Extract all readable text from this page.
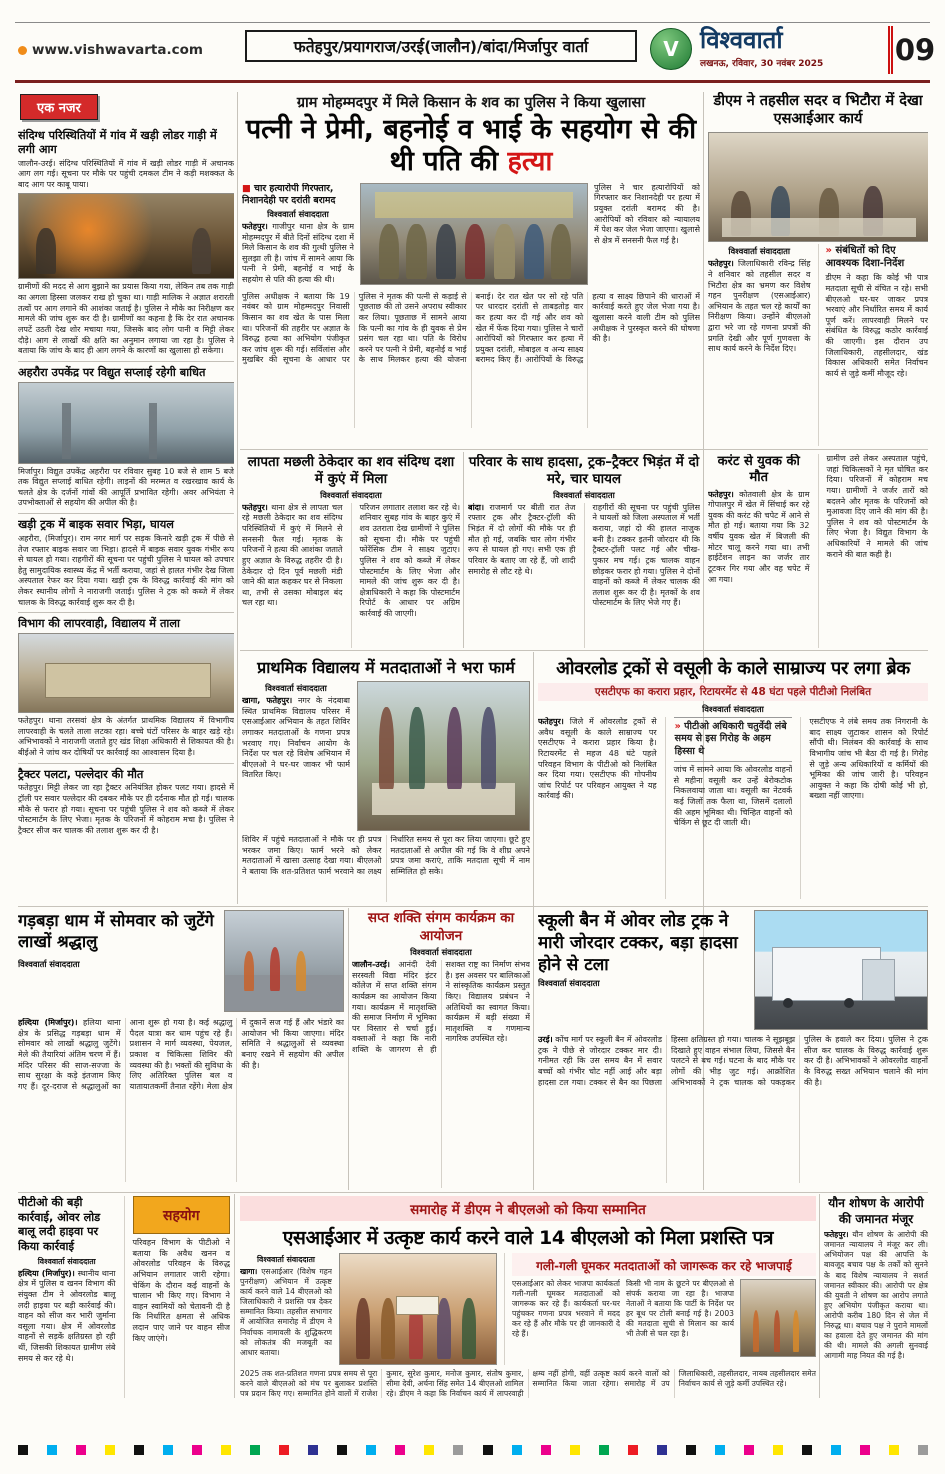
www.vishwavarta.com	फतेहपुर/प्रयागराज/उरई(जालौन)/बांदा/मिर्जापुर वार्ता	V विश्ववार्ता
लखनऊ, रविवार, 30 नवंबर 2025 09
एक नजर
संदिग्ध परिस्थितियों में गांव में खड़ी लोडर गाड़ी में लगी आग

जालौन-उरई। संदिग्ध परिस्थितियों में गांव में खड़ी लोडर गाड़ी में अचानक आग लग गई। सूचना पर मौके पर पहुंची दमकल टीम ने कड़ी मशक्कत के बाद आग पर काबू पाया।

ग्रामीणों की मदद से आग बुझाने का प्रयास किया गया, लेकिन तब तक गाड़ी का अगला हिस्सा जलकर राख हो चुका था। गाड़ी मालिक ने अज्ञात शरारती तत्वों पर आग लगाने की आशंका जताई है। पुलिस ने मौके का निरीक्षण कर मामले की जांच शुरू कर दी है। ग्रामीणों का कहना है कि देर रात अचानक लपटें उठती देख शोर मचाया गया, जिसके बाद लोग पानी व मिट्टी लेकर दौड़े। आग से लाखों की क्षति का अनुमान लगाया जा रहा है। पुलिस ने बताया कि जांच के बाद ही आग लगने के कारणों का खुलासा हो सकेगा।

अहरौरा उपकेंद्र पर विद्युत सप्लाई रहेगी बाधित

मिर्जापुर। विद्युत उपकेंद्र अहरौरा पर रविवार सुबह 10 बजे से शाम 5 बजे तक विद्युत सप्लाई बाधित रहेगी। लाइनों की मरम्मत व रखरखाव कार्य के चलते क्षेत्र के दर्जनों गांवों की आपूर्ति प्रभावित रहेगी। अवर अभियंता ने उपभोक्ताओं से सहयोग की अपील की है।

खड़ी ट्रक में बाइक सवार भिड़ा, घायल

अहरौरा, (मिर्जापुर)। राम नगर मार्ग पर सड़क किनारे खड़ी ट्रक में पीछे से तेज रफ्तार बाइक सवार जा भिड़ा। हादसे में बाइक सवार युवक गंभीर रूप से घायल हो गया। राहगीरों की सूचना पर पहुंची पुलिस ने घायल को उपचार हेतु सामुदायिक स्वास्थ्य केंद्र में भर्ती कराया, जहां से हालत गंभीर देख जिला अस्पताल रेफर कर दिया गया। खड़ी ट्रक के विरुद्ध कार्रवाई की मांग को लेकर स्थानीय लोगों ने नाराजगी जताई। पुलिस ने ट्रक को कब्जे में लेकर चालक के विरुद्ध कार्रवाई शुरू कर दी है।

विभाग की लापरवाही, विद्यालय में ताला

फतेहपुर। थाना तरसवां क्षेत्र के अंतर्गत प्राथमिक विद्यालय में विभागीय लापरवाही के चलते ताला लटका रहा। बच्चे घंटों परिसर के बाहर खड़े रहे। अभिभावकों ने नाराजगी जताते हुए खंड शिक्षा अधिकारी से शिकायत की है। बीईओ ने जांच कर दोषियों पर कार्रवाई का आश्वासन दिया है।

ट्रैक्टर पलटा, पल्लेदार की मौत

फतेहपुर। मिट्टी लेकर जा रहा ट्रैक्टर अनियंत्रित होकर पलट गया। हादसे में ट्रॉली पर सवार पल्लेदार की दबकर मौके पर ही दर्दनाक मौत हो गई। चालक मौके से फरार हो गया। सूचना पर पहुंची पुलिस ने शव को कब्जे में लेकर पोस्टमार्टम के लिए भेजा। मृतक के परिजनों में कोहराम मचा है। पुलिस ने ट्रैक्टर सीज कर चालक की तलाश शुरू कर दी है।

ग्राम मोहम्मदपुर में मिले किसान के शव का पुलिस ने किया खुलासा
पत्नी ने प्रेमी, बहनोई व भाई के सहयोग से की थी पति की हत्या
■ चार हत्यारोपी गिरफ्तार, निशानदेही पर दरांती बरामद
विश्ववार्ता संवाददाता

फतेहपुर। गाजीपुर थाना क्षेत्र के ग्राम मोहम्मदपुर में बीते दिनों संदिग्ध दशा में मिले किसान के शव की गुत्थी पुलिस ने सुलझा ली है। जांच में सामने आया कि पत्नी ने प्रेमी, बहनोई व भाई के सहयोग से पति की हत्या की थी।

पुलिस ने चार हत्यारोपियों को गिरफ्तार कर निशानदेही पर हत्या में प्रयुक्त दरांती बरामद की है। आरोपियों को रविवार को न्यायालय में पेश कर जेल भेजा जाएगा। खुलासे से क्षेत्र में सनसनी फैल गई है।

पुलिस अधीक्षक ने बताया कि 19 नवंबर को ग्राम मोहम्मदपुर निवासी किसान का शव खेत के पास मिला था। परिजनों की तहरीर पर अज्ञात के विरुद्ध हत्या का अभियोग पंजीकृत कर जांच शुरू की गई। सर्विलांस और मुखबिर की सूचना के आधार पर पुलिस ने मृतक की पत्नी से कड़ाई से पूछताछ की तो उसने अपराध स्वीकार कर लिया। पूछताछ में सामने आया कि पत्नी का गांव के ही युवक से प्रेम प्रसंग चल रहा था। पति के विरोध करने पर पत्नी ने प्रेमी, बहनोई व भाई के साथ मिलकर हत्या की योजना बनाई। देर रात खेत पर सो रहे पति पर धारदार दरांती से ताबड़तोड़ वार कर हत्या कर दी गई और शव को खेत में फेंक दिया गया। पुलिस ने चारों आरोपियों को गिरफ्तार कर हत्या में प्रयुक्त दरांती, मोबाइल व अन्य साक्ष्य बरामद किए हैं। आरोपियों के विरुद्ध हत्या व साक्ष्य छिपाने की धाराओं में कार्रवाई करते हुए जेल भेजा गया है। खुलासा करने वाली टीम को पुलिस अधीक्षक ने पुरस्कृत करने की घोषणा की है।

डीएम ने तहसील सदर व भिटौरा में देखा एसआईआर कार्य
विश्ववार्ता संवाददाता

फतेहपुर। जिलाधिकारी रविन्द्र सिंह ने शनिवार को तहसील सदर व भिटौरा क्षेत्र का भ्रमण कर विशेष गहन पुनरीक्षण (एसआईआर) अभियान के तहत चल रहे कार्यों का निरीक्षण किया। उन्होंने बीएलओ द्वारा भरे जा रहे गणना प्रपत्रों की प्रगति देखी और पूर्ण गुणवत्ता के साथ कार्य करने के निर्देश दिए।

» संबंधितों को दिए आवश्यक दिशा-निर्देश

डीएम ने कहा कि कोई भी पात्र मतदाता सूची से वंचित न रहे। सभी बीएलओ घर-घर जाकर प्रपत्र भरवाएं और निर्धारित समय में कार्य पूर्ण करें। लापरवाही मिलने पर संबंधित के विरुद्ध कठोर कार्रवाई की जाएगी। इस दौरान उप जिलाधिकारी, तहसीलदार, खंड विकास अधिकारी समेत निर्वाचन कार्य से जुड़े कर्मी मौजूद रहे।

लापता मछली ठेकेदार का शव संदिग्ध दशा में कुएं में मिला
विश्ववार्ता संवाददाता

फतेहपुर। थाना क्षेत्र से लापता चल रहे मछली ठेकेदार का शव संदिग्ध परिस्थितियों में कुएं में मिलने से सनसनी फैल गई। मृतक के परिजनों ने हत्या की आशंका जताते हुए अज्ञात के विरुद्ध तहरीर दी है। ठेकेदार दो दिन पूर्व मछली मंडी जाने की बात कहकर घर से निकला था, तभी से उसका मोबाइल बंद चल रहा था।

परिजन लगातार तलाश कर रहे थे। शनिवार सुबह गांव के बाहर कुएं में शव उतराता देख ग्रामीणों ने पुलिस को सूचना दी। मौके पर पहुंची फोरेंसिक टीम ने साक्ष्य जुटाए। पुलिस ने शव को कब्जे में लेकर पोस्टमार्टम के लिए भेजा और मामले की जांच शुरू कर दी है। क्षेत्राधिकारी ने कहा कि पोस्टमार्टम रिपोर्ट के आधार पर अग्रिम कार्रवाई की जाएगी।

परिवार के साथ हादसा, ट्रक–ट्रैक्टर भिड़ंत में दो मरे, चार घायल
विश्ववार्ता संवाददाता

बांदा। राजमार्ग पर बीती रात तेज रफ्तार ट्रक और ट्रैक्टर-ट्रॉली की भिड़ंत में दो लोगों की मौके पर ही मौत हो गई, जबकि चार लोग गंभीर रूप से घायल हो गए। सभी एक ही परिवार के बताए जा रहे हैं, जो शादी समारोह से लौट रहे थे।

राहगीरों की सूचना पर पहुंची पुलिस ने घायलों को जिला अस्पताल में भर्ती कराया, जहां दो की हालत नाजुक बनी है। टक्कर इतनी जोरदार थी कि ट्रैक्टर-ट्रॉली पलट गई और चीख-पुकार मच गई। ट्रक चालक वाहन छोड़कर फरार हो गया। पुलिस ने दोनों वाहनों को कब्जे में लेकर चालक की तलाश शुरू कर दी है। मृतकों के शव पोस्टमार्टम के लिए भेजे गए हैं।

करंट से युवक की मौत

फतेहपुर। कोतवाली क्षेत्र के ग्राम गोपालपुर में खेत में सिंचाई कर रहे युवक की करंट की चपेट में आने से मौत हो गई। बताया गया कि 32 वर्षीय युवक खेत में बिजली की मोटर चालू करने गया था। तभी हाईटेंशन लाइन का जर्जर तार टूटकर गिर गया और वह चपेट में आ गया।

ग्रामीण उसे लेकर अस्पताल पहुंचे, जहां चिकित्सकों ने मृत घोषित कर दिया। परिजनों में कोहराम मच गया। ग्रामीणों ने जर्जर तारों को बदलने और मृतक के परिजनों को मुआवजा दिए जाने की मांग की है। पुलिस ने शव को पोस्टमार्टम के लिए भेजा है। विद्युत विभाग के अधिकारियों ने मामले की जांच कराने की बात कही है।

प्राथमिक विद्यालय में मतदाताओं ने भरा फार्म
विश्ववार्ता संवाददाता

खागा, फतेहपुर। नगर के नंदबाबा स्थित प्राथमिक विद्यालय परिसर में एसआईआर अभियान के तहत शिविर लगाकर मतदाताओं के गणना प्रपत्र भरवाए गए। निर्वाचन आयोग के निर्देश पर चल रहे विशेष अभियान में बीएलओ ने घर-घर जाकर भी फार्म वितरित किए।

शिविर में पहुंचे मतदाताओं ने मौके पर ही प्रपत्र भरकर जमा किए। फार्म भरने को लेकर मतदाताओं में खासा उत्साह देखा गया। बीएलओ ने बताया कि शत-प्रतिशत फार्म भरवाने का लक्ष्य निर्धारित समय से पूरा कर लिया जाएगा। छूटे हुए मतदाताओं से अपील की गई कि वे शीघ्र अपने प्रपत्र जमा कराएं, ताकि मतदाता सूची में नाम सम्मिलित हो सके।

ओवरलोड ट्रकों से वसूली के काले साम्राज्य पर लगा ब्रेक
एसटीएफ का करारा प्रहार, रिटायरमेंट से 48 घंटा पहले पीटीओ निलंबित
विश्ववार्ता संवाददाता

फतेहपुर। जिले में ओवरलोड ट्रकों से अवैध वसूली के काले साम्राज्य पर एसटीएफ ने करारा प्रहार किया है। रिटायरमेंट से महज 48 घंटे पहले परिवहन विभाग के पीटीओ को निलंबित कर दिया गया। एसटीएफ की गोपनीय जांच रिपोर्ट पर परिवहन आयुक्त ने यह कार्रवाई की।

» पीटीओ अधिकारी चतुर्वेदी लंबे समय से इस गिरोह के अहम हिस्सा थे

जांच में सामने आया कि ओवरलोड वाहनों से महीना वसूली कर उन्हें बेरोकटोक निकलवाया जाता था। वसूली का नेटवर्क कई जिलों तक फैला था, जिसमें दलालों की अहम भूमिका थी। चिन्हित वाहनों को चेकिंग से छूट दी जाती थी।

एसटीएफ ने लंबे समय तक निगरानी के बाद साक्ष्य जुटाकर शासन को रिपोर्ट सौंपी थी। निलंबन की कार्रवाई के साथ विभागीय जांच भी बैठा दी गई है। गिरोह से जुड़े अन्य अधिकारियों व कर्मियों की भूमिका की जांच जारी है। परिवहन आयुक्त ने कहा कि दोषी कोई भी हो, बख्शा नहीं जाएगा।

गड़बड़ा धाम में सोमवार को जुटेंगे लाखों श्रद्धालु
विश्ववार्ता संवाददाता

हल्दिया (मिर्जापुर)। हलिया थाना क्षेत्र के प्रसिद्ध गड़बड़ा धाम में सोमवार को लाखों श्रद्धालु जुटेंगे। मेले की तैयारियां अंतिम चरण में हैं। मंदिर परिसर की साज-सज्जा के साथ सुरक्षा के कड़े इंतजाम किए गए हैं। दूर-दराज से श्रद्धालुओं का आना शुरू हो गया है। कई श्रद्धालु पैदल यात्रा कर धाम पहुंच रहे हैं। प्रशासन ने मार्ग व्यवस्था, पेयजल, प्रकाश व चिकित्सा शिविर की व्यवस्था की है। भक्तों की सुविधा के लिए अतिरिक्त पुलिस बल व यातायातकर्मी तैनात रहेंगे। मेला क्षेत्र में दुकानें सज गई हैं और भंडारे का आयोजन भी किया जाएगा। मंदिर समिति ने श्रद्धालुओं से व्यवस्था बनाए रखने में सहयोग की अपील की है।

सप्त शक्ति संगम कार्यक्रम का आयोजन
विश्ववार्ता संवाददाता

जालौन-उरई। आनंदी देवी सरस्वती विद्या मंदिर इंटर कॉलेज में सप्त शक्ति संगम कार्यक्रम का आयोजन किया गया। कार्यक्रम में मातृशक्ति की समाज निर्माण में भूमिका पर विस्तार से चर्चा हुई। वक्ताओं ने कहा कि नारी शक्ति के जागरण से ही सशक्त राष्ट्र का निर्माण संभव है। इस अवसर पर बालिकाओं ने सांस्कृतिक कार्यक्रम प्रस्तुत किए। विद्यालय प्रबंधन ने अतिथियों का स्वागत किया। कार्यक्रम में बड़ी संख्या में मातृशक्ति व गणमान्य नागरिक उपस्थित रहे।

स्कूली बैन में ओवर लोड ट्रक ने मारी जोरदार टक्कर, बड़ा हादसा होने से टला
विश्ववार्ता संवाददाता

उरई। कोंच मार्ग पर स्कूली बैन में ओवरलोड ट्रक ने पीछे से जोरदार टक्कर मार दी। गनीमत रही कि उस समय बैन में सवार बच्चों को गंभीर चोट नहीं आई और बड़ा हादसा टल गया। टक्कर से बैन का पिछला हिस्सा क्षतिग्रस्त हो गया। चालक ने सूझबूझ दिखाते हुए वाहन संभाल लिया, जिससे बैन पलटने से बच गई। घटना के बाद मौके पर लोगों की भीड़ जुट गई। आक्रोशित अभिभावकों ने ट्रक चालक को पकड़कर पुलिस के हवाले कर दिया। पुलिस ने ट्रक सीज कर चालक के विरुद्ध कार्रवाई शुरू कर दी है। अभिभावकों ने ओवरलोड वाहनों के विरुद्ध सख्त अभियान चलाने की मांग की है।

पीटीओ की बड़ी कार्रवाई, ओवर लोड बालू लदी हाइवा पर किया कार्रवाई
विश्ववार्ता संवाददाता

हल्दिया (मिर्जापुर)। स्थानीय थाना क्षेत्र में पुलिस व खनन विभाग की संयुक्त टीम ने ओवरलोड बालू लदी हाइवा पर बड़ी कार्रवाई की। वाहन को सीज कर भारी जुर्माना वसूला गया। क्षेत्र में ओवरलोड वाहनों से सड़कें क्षतिग्रस्त हो रही थीं, जिसकी शिकायत ग्रामीण लंबे समय से कर रहे थे।

सहयोग

परिवहन विभाग के पीटीओ ने बताया कि अवैध खनन व ओवरलोड परिवहन के विरुद्ध अभियान लगातार जारी रहेगा। चेकिंग के दौरान कई वाहनों के चालान भी किए गए। विभाग ने वाहन स्वामियों को चेतावनी दी है कि निर्धारित क्षमता से अधिक लदान पाए जाने पर वाहन सीज किए जाएंगे।

समारोह में डीएम ने बीएलओ को किया सम्मानित
एसआईआर में उत्कृष्ट कार्य करने वाले 14 बीएलओ को मिला प्रशस्ति पत्र
विश्ववार्ता संवाददाता

खागा। एसआईआर (विशेष गहन पुनरीक्षण) अभियान में उत्कृष्ट कार्य करने वाले 14 बीएलओ को जिलाधिकारी ने प्रशस्ति पत्र देकर सम्मानित किया। तहसील सभागार में आयोजित समारोह में डीएम ने निर्वाचक नामावली के शुद्धिकरण को लोकतंत्र की मजबूती का आधार बताया।

गली-गली घूमकर मतदाताओं को जागरूक कर रहे भाजपाई

एसआईआर को लेकर भाजपा कार्यकर्ता गली-गली घूमकर मतदाताओं को जागरूक कर रहे हैं। कार्यकर्ता घर-घर पहुंचकर गणना प्रपत्र भरवाने में मदद कर रहे हैं और मौके पर ही जानकारी दे रहे हैं।

किसी भी नाम के छूटने पर बीएलओ से संपर्क कराया जा रहा है। भाजपा नेताओं ने बताया कि पार्टी के निर्देश पर हर बूथ पर टोली बनाई गई है। 2003 की मतदाता सूची से मिलान का कार्य भी तेजी से चल रहा है।

2025 तक शत-प्रतिशत गणना प्रपत्र समय से पूरा करने वाले बीएलओ को मंच पर बुलाकर प्रशस्ति पत्र प्रदान किए गए। सम्मानित होने वालों में राजेश कुमार, सुरेश कुमार, मनोज कुमार, संतोष कुमार, सीमा देवी, अर्चना सिंह समेत 14 बीएलओ शामिल रहे। डीएम ने कहा कि निर्वाचन कार्य में लापरवाही क्षम्य नहीं होगी, वहीं उत्कृष्ट कार्य करने वालों को सम्मानित किया जाता रहेगा। समारोह में उप जिलाधिकारी, तहसीलदार, नायब तहसीलदार समेत निर्वाचन कार्य से जुड़े कर्मी उपस्थित रहे।

यौन शोषण के आरोपी की जमानत मंजूर

फतेहपुर। यौन शोषण के आरोपी की जमानत न्यायालय ने मंजूर कर ली। अभियोजन पक्ष की आपत्ति के बावजूद बचाव पक्ष के तर्कों को सुनने के बाद विशेष न्यायालय ने सशर्त जमानत स्वीकार की। आरोपी पर क्षेत्र की युवती ने शोषण का आरोप लगाते हुए अभियोग पंजीकृत कराया था। आरोपी करीब 180 दिन से जेल में निरुद्ध था। बचाव पक्ष ने पुराने मामलों का हवाला देते हुए जमानत की मांग की थी। मामले की अगली सुनवाई आगामी माह नियत की गई है।
